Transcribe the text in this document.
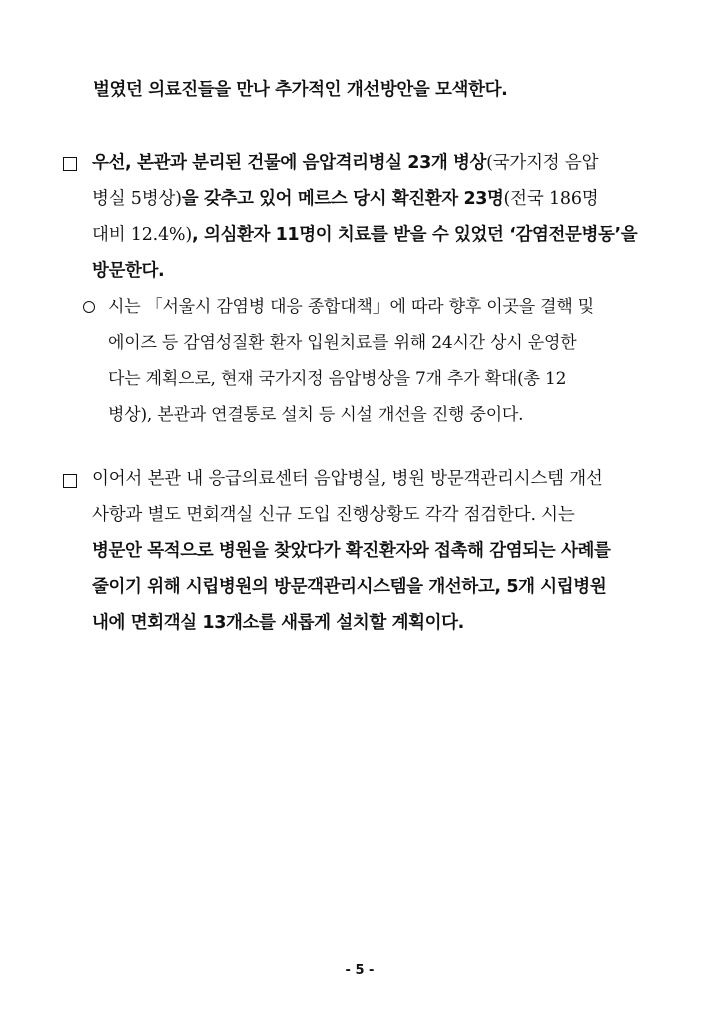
벌였던 의료진들을 만나 추가적인 개선방안을 모색한다.
우선, 본관과 분리된 건물에 음압격리병실 23개 병상(국가지정 음압
병실 5병상)을 갖추고 있어 메르스 당시 확진환자 23명(전국 186명
대비 12.4%), 의심환자 11명이 치료를 받을 수 있었던 ‘감염전문병동’을
방문한다.
시는 「서울시 감염병 대응 종합대책」에 따라 향후 이곳을 결핵 및
에이즈 등 감염성질환 환자 입원치료를 위해 24시간 상시 운영한
다는 계획으로, 현재 국가지정 음압병상을 7개 추가 확대(총 12
병상), 본관과 연결통로 설치 등 시설 개선을 진행 중이다.
이어서 본관 내 응급의료센터 음압병실, 병원 방문객관리시스템 개선
사항과 별도 면회객실 신규 도입 진행상황도 각각 점검한다. 시는
병문안 목적으로 병원을 찾았다가 확진환자와 접촉해 감염되는 사례를
줄이기 위해 시립병원의 방문객관리시스템을 개선하고, 5개 시립병원
내에 면회객실 13개소를 새롭게 설치할 계획이다.
- 5 -
